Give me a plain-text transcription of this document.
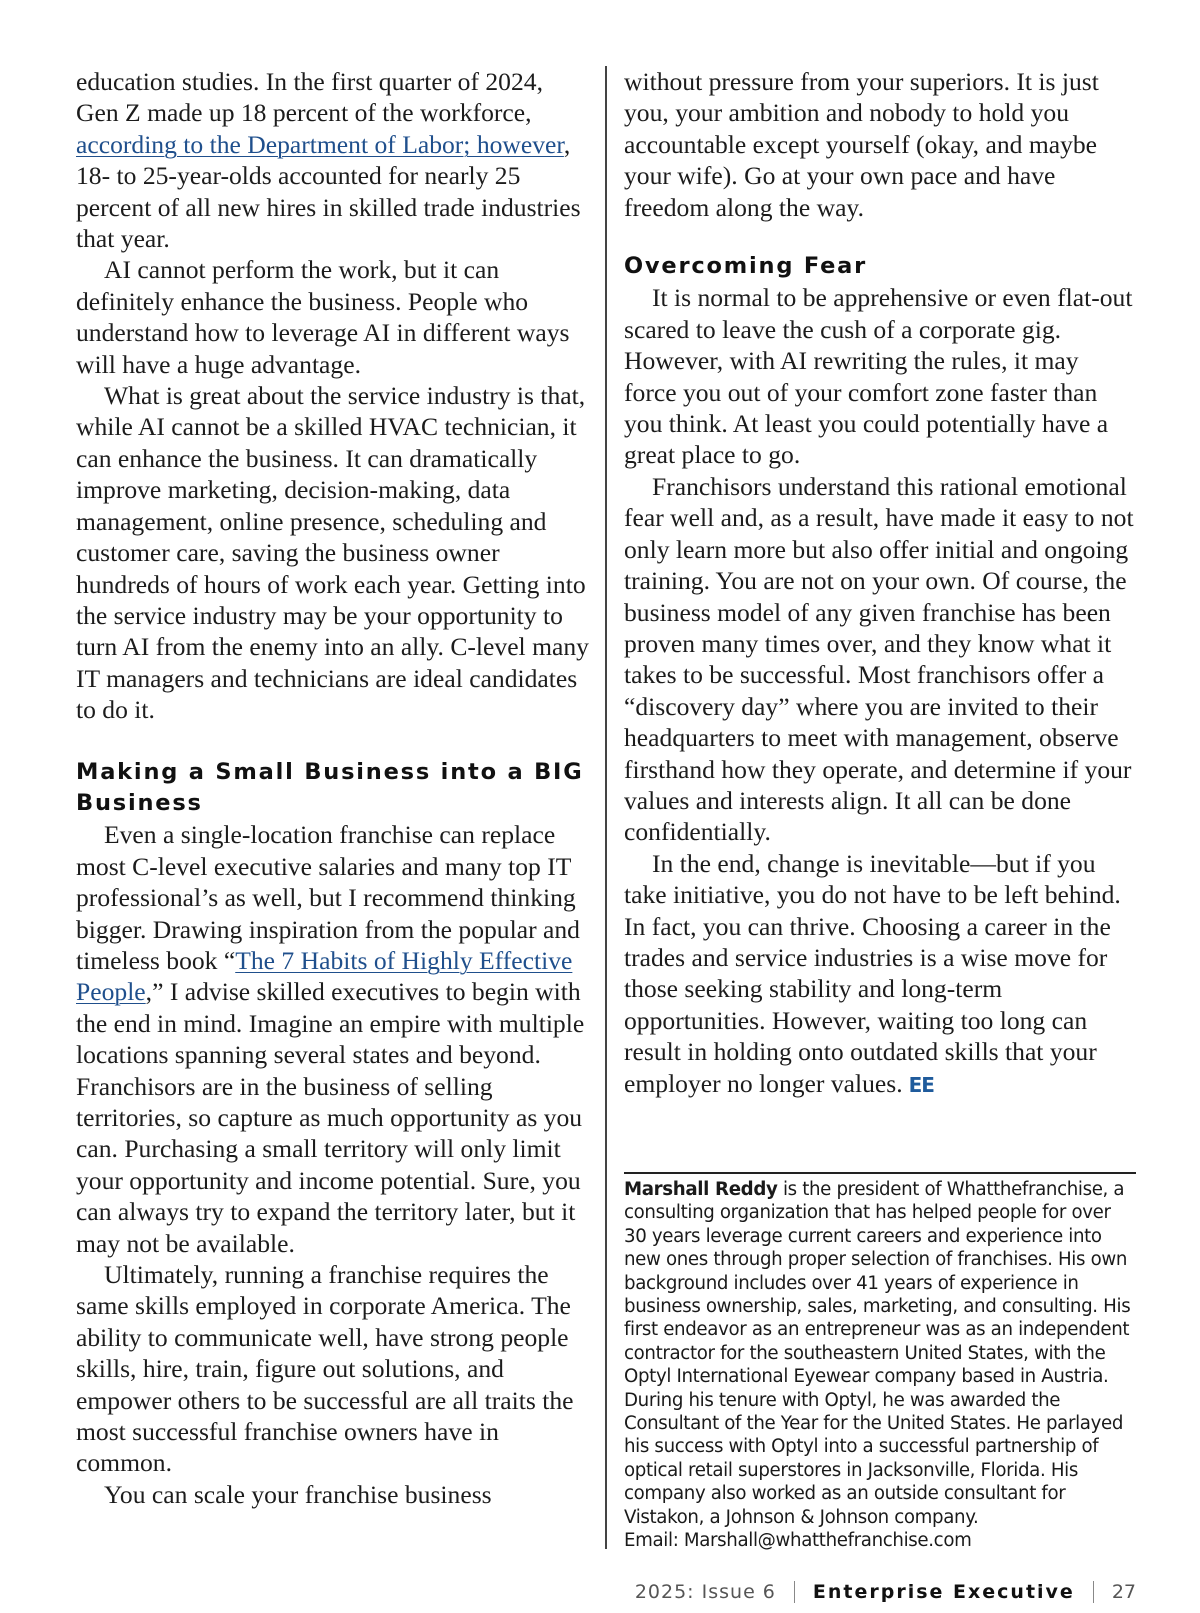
education studies. In the first quarter of 2024, Gen Z made up 18 percent of the workforce, according to the Department of Labor; however, 18- to 25-year-olds accounted for nearly 25 percent of all new hires in skilled trade industries that year.

AI cannot perform the work, but it can definitely enhance the business. People who understand how to leverage AI in different ways will have a huge advantage.

What is great about the service industry is that, while AI cannot be a skilled HVAC technician, it can enhance the business. It can dramatically improve marketing, decision-making, data management, online presence, scheduling and customer care, saving the business owner hundreds of hours of work each year. Getting into the service industry may be your opportunity to turn AI from the enemy into an ally. C-level many IT managers and technicians are ideal candidates to do it.

Making a Small Business into a BIG Business

Even a single-location franchise can replace most C-level executive salaries and many top IT professional’s as well, but I recommend thinking bigger. Drawing inspiration from the popular and timeless book “The 7 Habits of Highly Effective People,” I advise skilled executives to begin with the end in mind. Imagine an empire with multiple locations spanning several states and beyond. Franchisors are in the business of selling territories, so capture as much opportunity as you can. Purchasing a small territory will only limit your opportunity and income potential. Sure, you can always try to expand the territory later, but it may not be available.

Ultimately, running a franchise requires the same skills employed in corporate America. The ability to communicate well, have strong people skills, hire, train, figure out solutions, and empower others to be successful are all traits the most successful franchise owners have in common.

You can scale your franchise business

without pressure from your superiors. It is just you, your ambition and nobody to hold you accountable except yourself (okay, and maybe your wife). Go at your own pace and have freedom along the way.

Overcoming Fear

It is normal to be apprehensive or even flat-out scared to leave the cush of a corporate gig. However, with AI rewriting the rules, it may force you out of your comfort zone faster than you think. At least you could potentially have a great place to go.

Franchisors understand this rational emotional fear well and, as a result, have made it easy to not only learn more but also offer initial and ongoing training. You are not on your own. Of course, the business model of any given franchise has been proven many times over, and they know what it takes to be successful. Most franchisors offer a “discovery day” where you are invited to their headquarters to meet with management, observe firsthand how they operate, and determine if your values and interests align. It all can be done confidentially.

In the end, change is inevitable—but if you take initiative, you do not have to be left behind. In fact, you can thrive. Choosing a career in the trades and service industries is a wise move for those seeking stability and long-term opportunities. However, waiting too long can result in holding onto outdated skills that your employer no longer values. EE

Marshall Reddy is the president of Whatthefranchise, a consulting organization that has helped people for over 30 years leverage current careers and experience into new ones through proper selection of franchises. His own background includes over 41 years of experience in business ownership, sales, marketing, and consulting. His first endeavor as an entrepreneur was as an independent contractor for the southeastern United States, with the Optyl International Eyewear company based in Austria. During his tenure with Optyl, he was awarded the Consultant of the Year for the United States. He parlayed his success with Optyl into a successful partnership of optical retail superstores in Jacksonville, Florida. His company also worked as an outside consultant for Vistakon, a Johnson & Johnson company.
Email: Marshall@whatthefranchise.com
2025: Issue 6 Enterprise Executive 27
